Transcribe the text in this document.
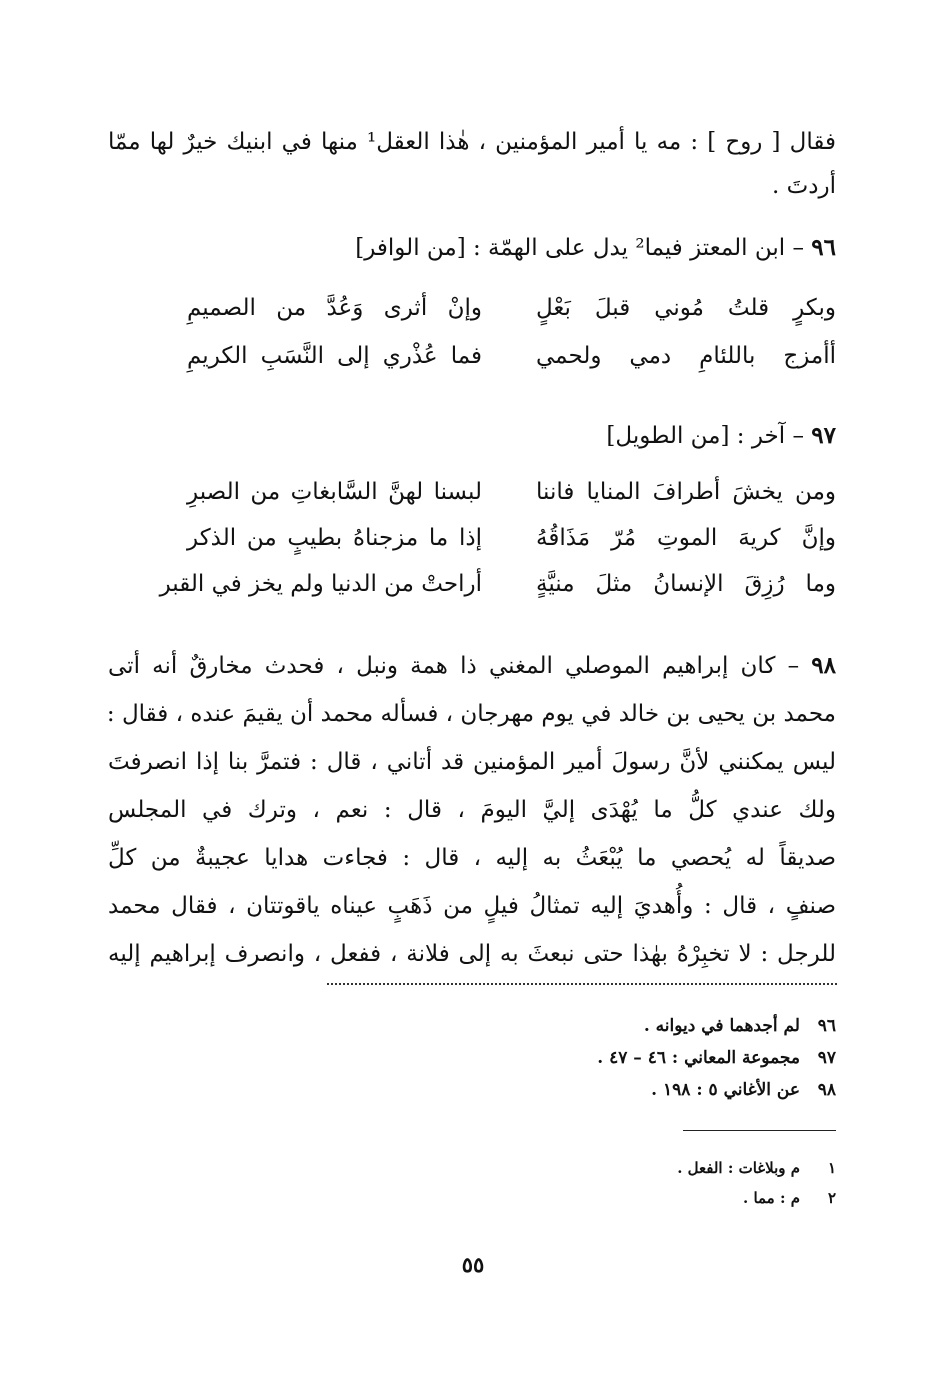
فقال [ روح ] : مه يا أمير المؤمنين ، هٰذا العقل¹ منها في ابنيك خيرٌ لها ممّا
أردتَ .
٩٦ – ابن المعتز فيما² يدل على الهمّة : [من الوافر]
وبكرٍ قلتُ مُوني قبلَ بَعْلٍ
وإنْ أثرى وَعُدَّ من الصميمِ
أأمزج باللئامِ دمي ولحمي
فما عُذْري إلى النَّسَبِ الكريمِ
٩٧ – آخر : [من الطويل]
ومن يخشَ أطرافَ المنايا فاننا
لبسنا لهنَّ السَّابغاتِ من الصبرِ
وإنَّ كريهَ الموتِ مُرّ مَذَاقُهُ
إذا ما مزجناهُ بطيبٍ من الذكر
وما رُزِقَ الإنسانُ مثلَ منيَّةٍ
أراحتْ من الدنيا ولم يخز في القبر
٩٨ – كان إبراهيم الموصلي المغني ذا همة ونبل ، فحدث مخارقٌ أنه أتى
محمد بن يحيى بن خالد في يوم مهرجان ، فسأله محمد أن يقيمَ عنده ، فقال :
ليس يمكنني لأنَّ رسولَ أمير المؤمنين قد أتاني ، قال : فتمرَّ بنا إذا انصرفتَ
ولك عندي كلُّ ما يُهْدَى إليَّ اليومَ ، قال : نعم ، وترك في المجلس
صديقاً له يُحصي ما يُبْعَثُ به إليه ، قال : فجاءت هدايا عجيبةٌ من كلِّ
صنفٍ ، قال : وأُهديَ إليه تمثالُ فيلٍ من ذَهَبٍ عيناه ياقوتتان ، فقال محمد
للرجل : لا تخبِرْهُ بهٰذا حتى نبعثَ به إلى فلانة ، ففعل ، وانصرف إبراهيم إليه
٩٦لم أجدهما في ديوانه .
٩٧مجموعة المعاني : ٤٦ – ٤٧ .
٩٨عن الأغاني ٥ : ١٩٨ .
١م وبلاغات : الفعل .
٢م : مما .
٥٥
